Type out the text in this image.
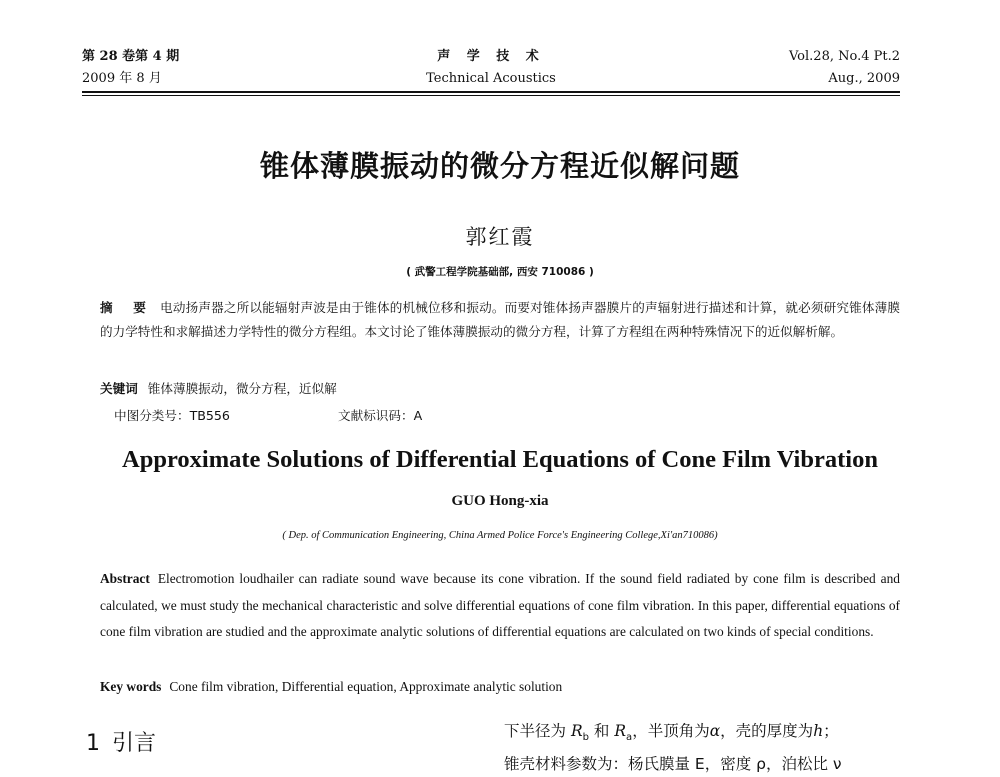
第 28 卷第 4 期
2009 年 8 月
声 学 技 术
Technical Acoustics
Vol.28, No.4 Pt.2
Aug., 2009
锥体薄膜振动的微分方程近似解问题
郭红霞
( 武警工程学院基础部, 西安 710086 )
摘 要 电动扬声器之所以能辐射声波是由于锥体的机械位移和振动。而要对锥体扬声器膜片的声辐射进行描述和计算，就必须研究锥体薄膜的力学特性和求解描述力学特性的微分方程组。本文讨论了锥体薄膜振动的微分方程，计算了方程组在两种特殊情况下的近似解析解。
关键词 锥体薄膜振动，微分方程，近似解
中图分类号：TB556	文献标识码：A
Approximate Solutions of Differential Equations of Cone Film Vibration
GUO Hong-xia
( Dep. of Communication Engineering, China Armed Police Force's Engineering College,Xi'an710086)
Abstract Electromotion loudhailer can radiate sound wave because its cone vibration. If the sound field radiated by cone film is described and calculated, we must study the mechanical characteristic and solve differential equations of cone film vibration. In this paper, differential equations of cone film vibration are studied and the approximate analytic solutions of differential equations are calculated on two kinds of special conditions.
Key words Cone film vibration, Differential equation, Approximate analytic solution
1 引言	下半径为 $R_b$ 和 $R_a$，半顶角为α，壳的厚度为h；
锥壳材料参数为：杨氏膜量 E，密度 ρ，泊松比 ν
